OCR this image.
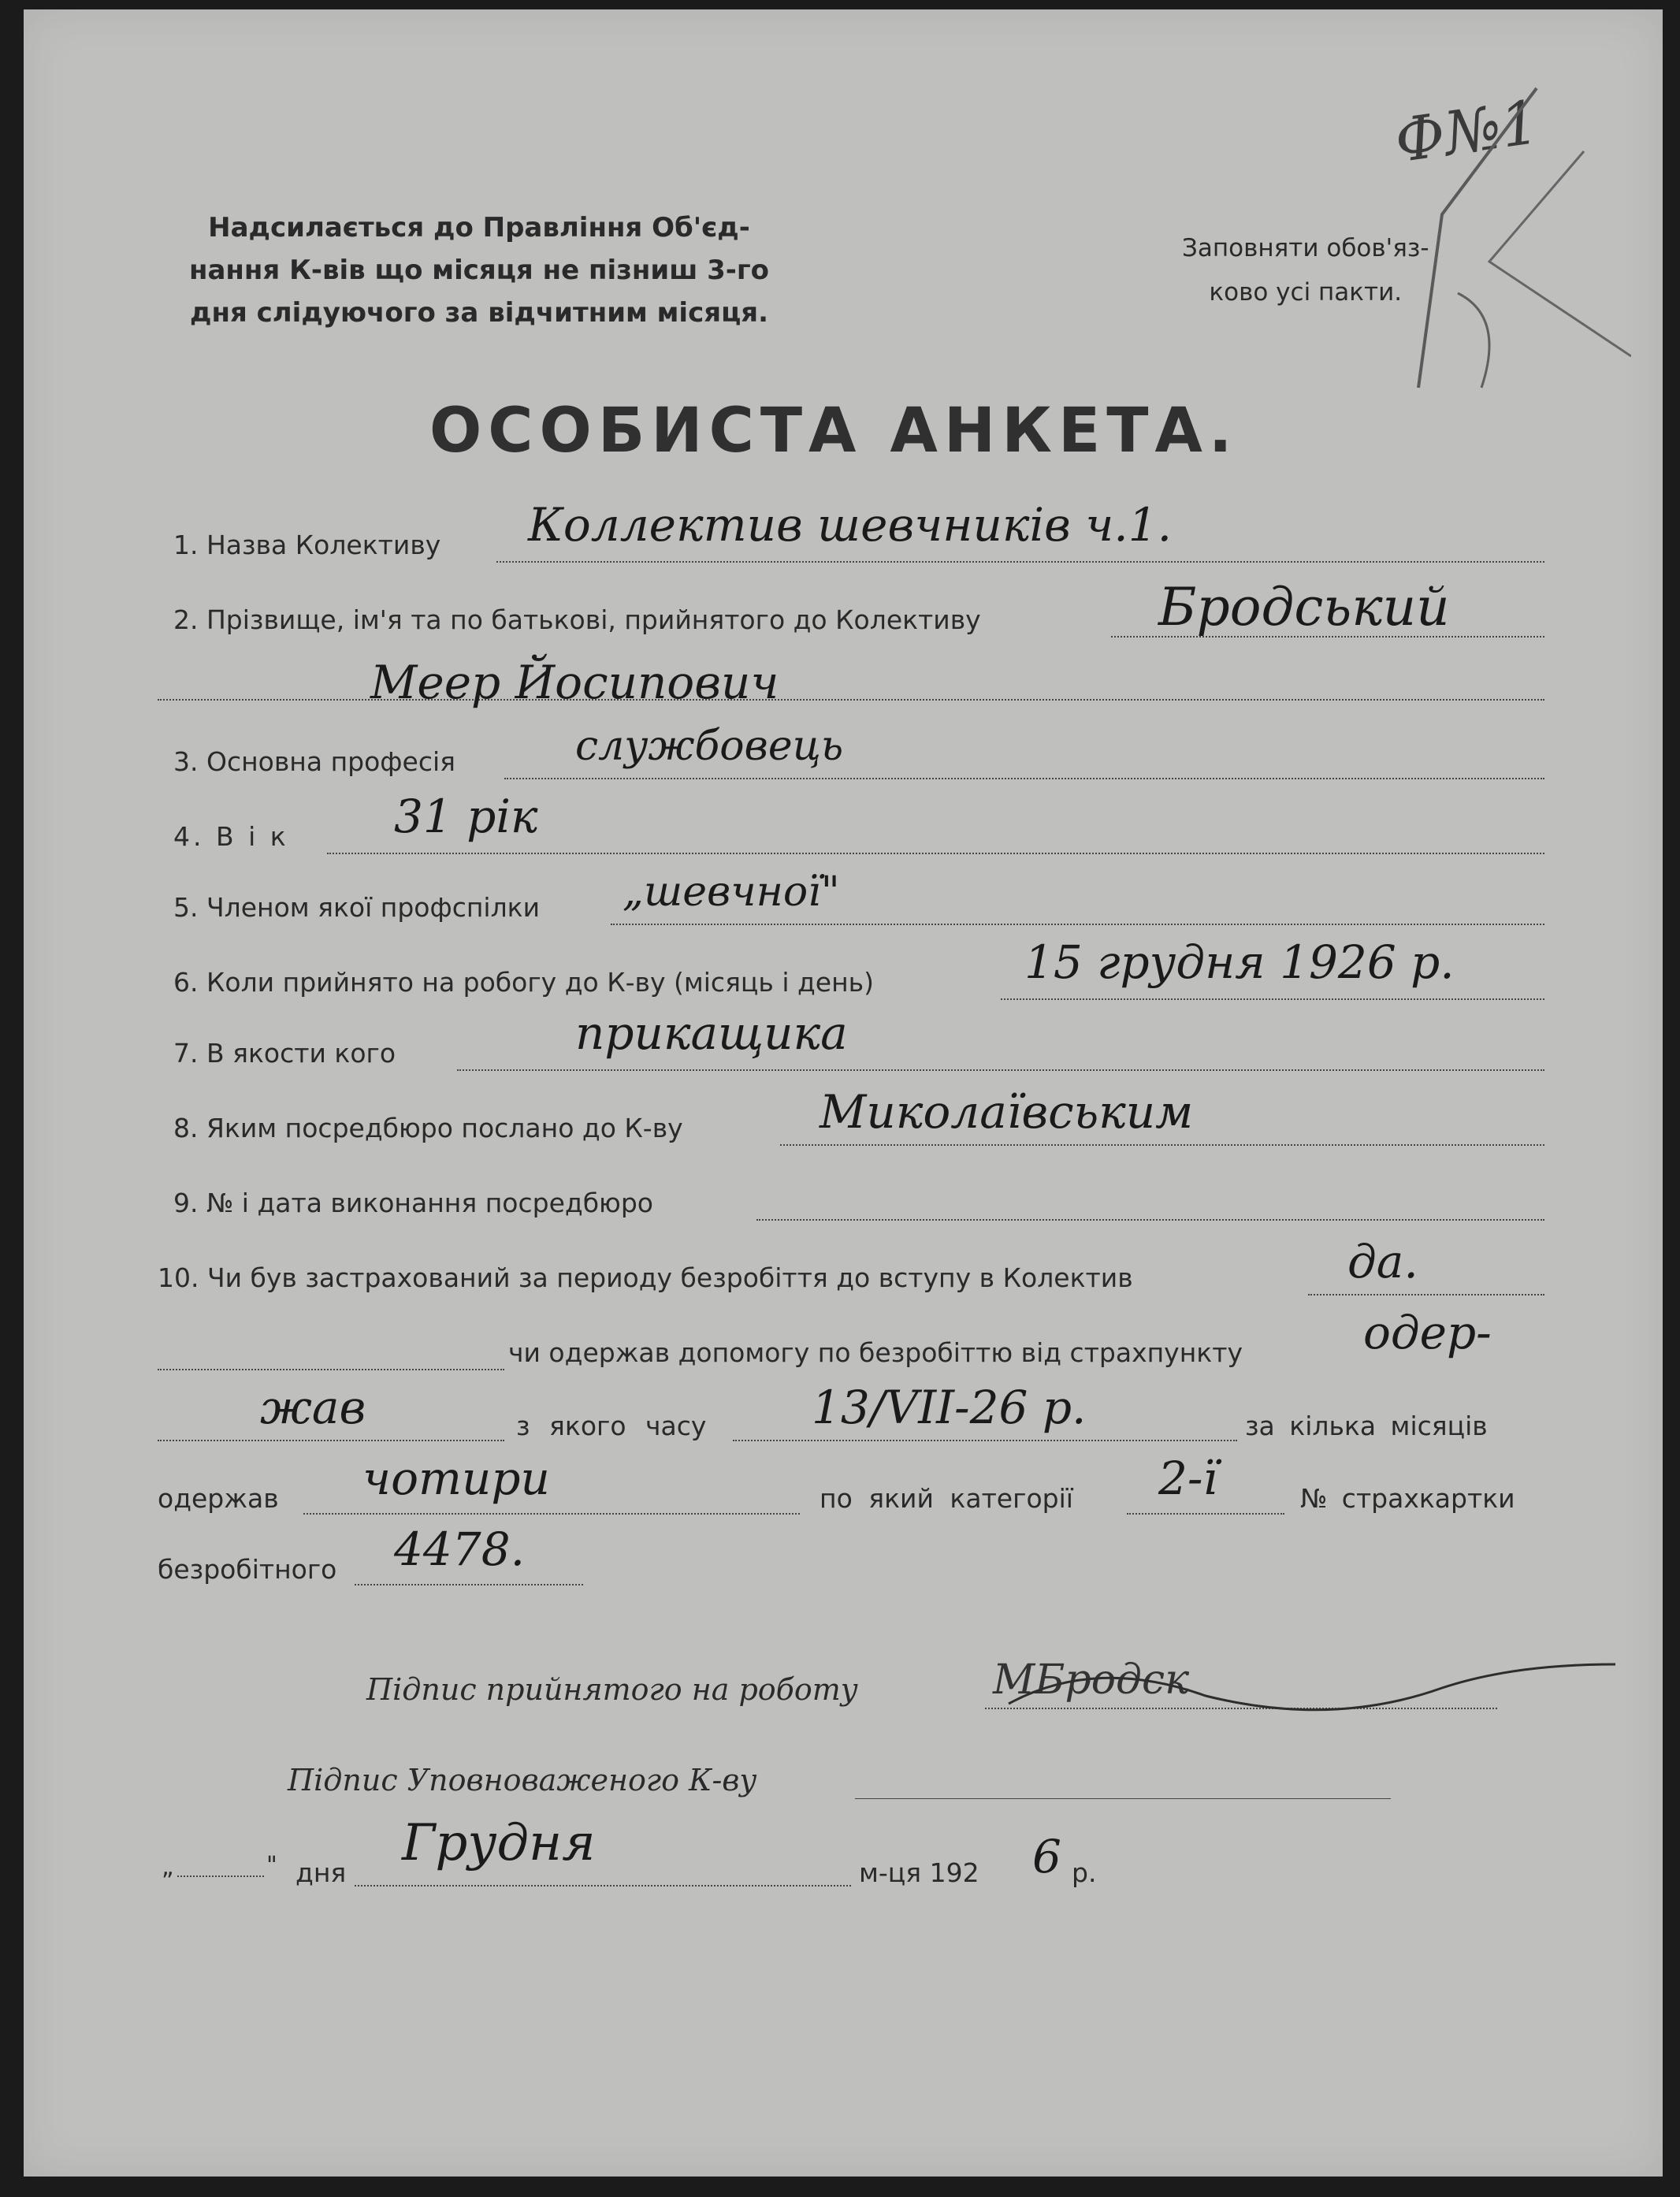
Надсилається до Правління Об'єд-
нання К-вів що місяця не пізниш 3-го
дня слідуючого за відчитним місяця.
Заповняти обов'яз-
ково усі пакти.
Ф№1
ОСОБИСТА АНКЕТА.
1. Назва Колективу Коллектив шевчників ч.1.
2. Прізвище, ім'я та по батькові, прийнятого до Колективу	Бродський
Меер Йосипович
3. Основна професія	службовець
4. В і к 31 рік
5. Членом якої профспілки „шевчної"
6. Коли прийнято на робогу до К-ву (місяць і день)	15 грудня 1926 р.
7. В якости кого	прикащика
8. Яким посредбюро послано до К-ву	Миколаївським
9. № і дата виконання посредбюро
10. Чи був застрахований за периоду безробіття до вступу в Колектив	да.
чи одержав допомогу по безробіттю від страхпункту	одер-
жав	з якого часу 13/VII-26 р.	за кілька місяців
одержав чотири	по який категорії 2-ї	№ страхкартки
безробітного 4478.
Підпис прийнятого на роботу	МБродск
Підпис Уповноваженого К-ву
„	" дня
Грудня
м-ця 192 6 р.
